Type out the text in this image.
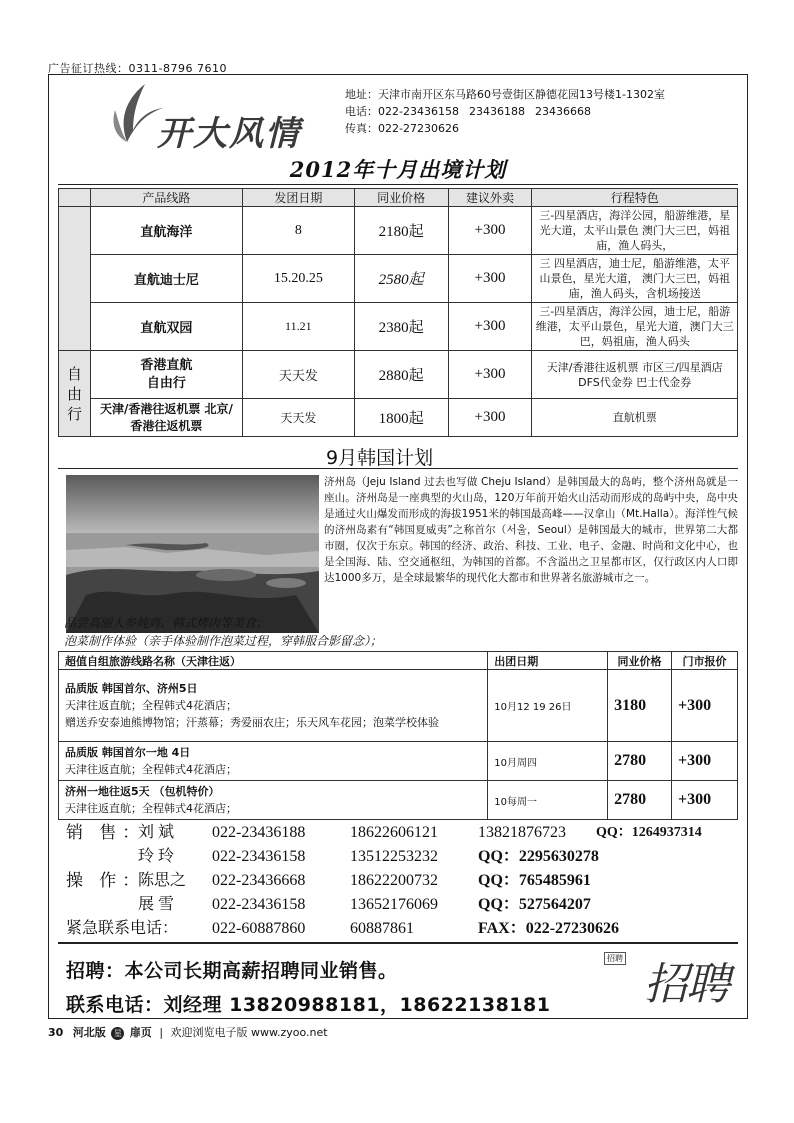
广告征订热线：0311-8796 7610
开大风情
地址：天津市南开区东马路60号壹街区静德花园13号楼1-1302室
电话：022-23436158 23436188 23436668
传真：022-27230626
2012年十月出境计划
	产品线路	发团日期	同业价格	建议外卖	行程特色
	直航海洋	8	2180起	+300	三-四星酒店，海洋公园，船游维港，星光大道，太平山景色 澳门大三巴，妈祖庙，渔人码头，
	直航迪士尼	15.20.25	2580起	+300	三 四星酒店，迪士尼，船游维港，太平山景色，星光大道， 澳门大三巴，妈祖庙，渔人码头，含机场接送
	直航双园	11.21	2380起	+300	三-四星酒店，海洋公园，迪士尼，船游维港，太平山景色，星光大道，澳门大三巴，妈祖庙，渔人码头

自由行	香港直航 自由行	天天发	2880起	+300	天津/香港往返机票 市区三/四星酒店 DFS代金券 巴士代金券

	天津/香港往返机票 北京/香港往返机票	天天发	1800起	+300	直航机票
9月韩国计划
济州岛（Jeju Island 过去也写做 Cheju Island）是韩国最大的岛屿，整个济州岛就是一座山。济州岛是一座典型的火山岛，120万年前开始火山活动而形成的岛屿中央，岛中央是通过火山爆发而形成的海拔1951米的韩国最高峰——汉拿山（Mt.Halla）。海洋性气候的济州岛素有“韩国夏威夷”之称首尔（서울，Seoul）是韩国最大的城市，世界第二大都市圈，仅次于东京。韩国的经济、政治、科技、工业、电子、金融、时尚和文化中心，也是全国海、陆、空交通枢纽，为韩国的首都。不含溢出之卫星都市区，仅行政区内人口即达1000多万，是全球最繁华的现代化大都市和世界著名旅游城市之一。
品尝高丽人参炖鸡、韩式烤肉等美食；
泡菜制作体验（亲手体验制作泡菜过程，穿韩服合影留念）；
超值自组旅游线路名称（天津往返）	出团日期	同业价格	门市报价

品质版 韩国首尔、济州5日
天津往返直航；全程韩式4花酒店；
赠送乔安泰迪熊博物馆；汗蒸幕；秀爱丽农庄；乐天风车花园；泡菜学校体验	10月12 19 26日	3180	+300

品质版 韩国首尔一地 4日
天津往返直航；全程韩式4花酒店；	10月周四	2780	+300

济州一地往返5天 （包机特价）
天津往返直航；全程韩式4花酒店；	10每周一	2780	+300
销 售：
刘 斌 022-23436188	18622606121	13821876723 QQ：1264937314
玲 玲 022-23436158	13512253232	QQ：2295630278
操 作：
陈思之 022-23436668	18622200732	QQ：765485961
展 雪 022-23436158	13652176069	QQ：527564207
紧急联系电话： 022-60887860	60887861	FAX：022-27230626
招聘：本公司长期高薪招聘同业销售。
联系电话：刘经理 13820988181，18622138181
招聘
招聘
30 河北版 星 扉页 | 欢迎浏览电子版 www.zyoo.net
